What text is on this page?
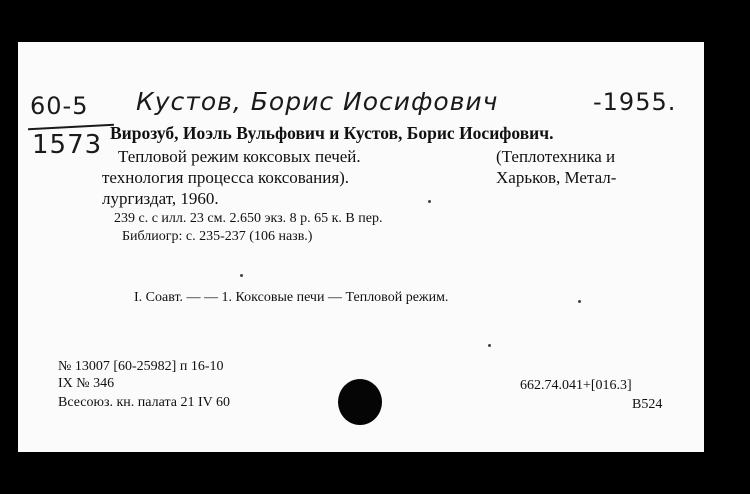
60-5
1573
Кустов, Борис Иосифович	-1955.
Вирозуб, Иоэль Вульфович и Кустов, Борис Иосифович.
Тепловой режим коксовых печей.	(Теплотехника и
технология процесса коксования).	Харьков, Метал-
лургиздат, 1960.
239 с. с илл. 23 см. 2.650 экз. 8 р. 65 к. В пер.
Библиогр: с. 235-237 (106 назв.)
I. Соавт. — — 1. Коксовые печи — Тепловой режим.
№ 13007 [60-25982] п 16-10
IX № 346
Всесоюз. кн. палата 21 IV 60
662.74.041+[016.3]
B524
